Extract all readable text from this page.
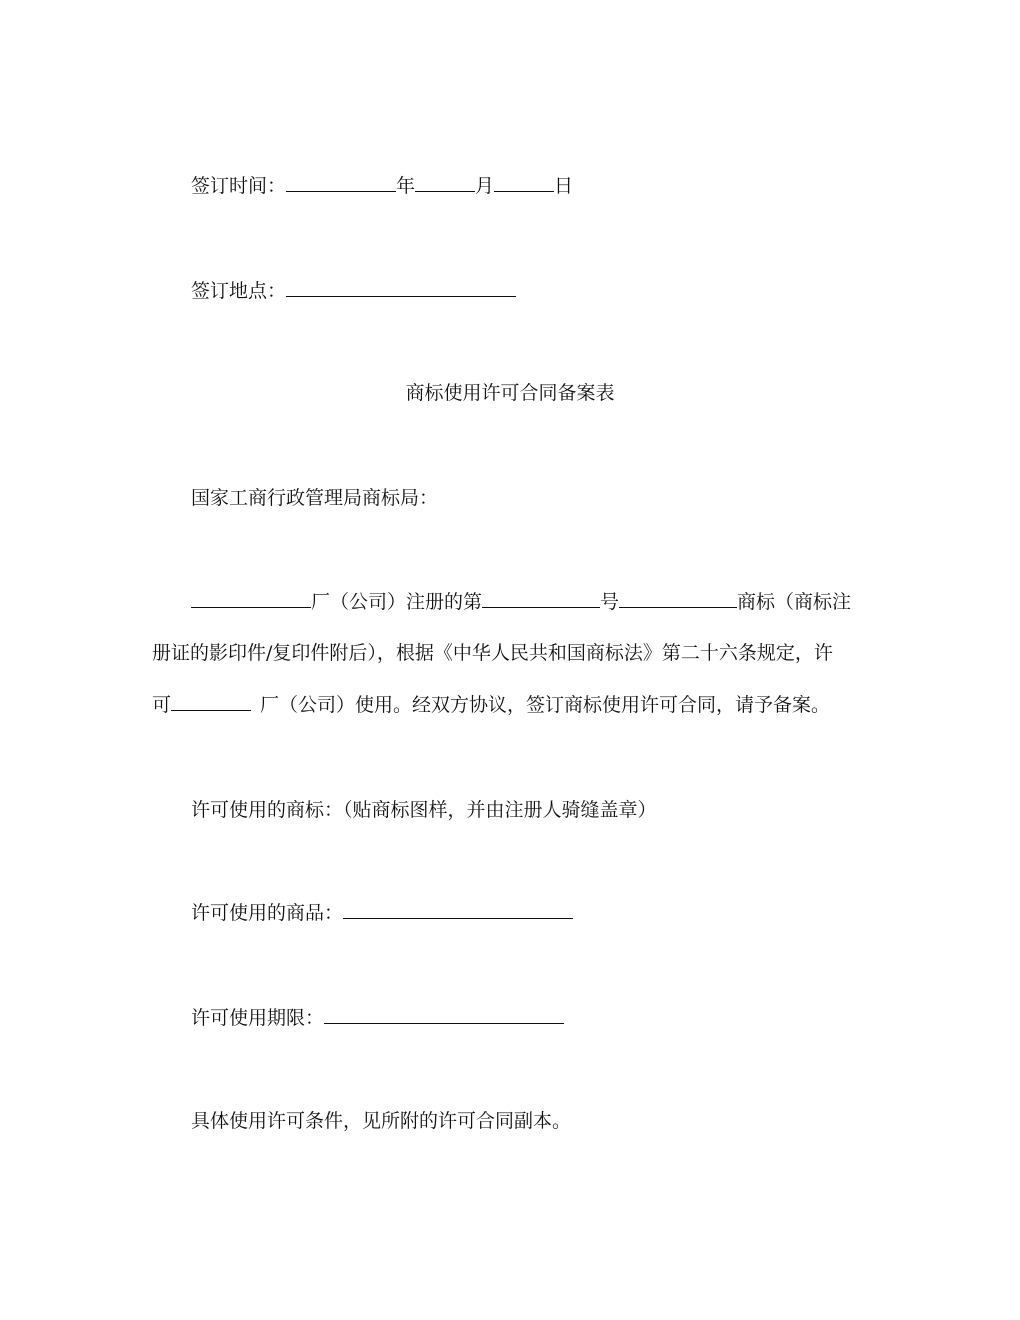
签订时间：	年	月	日
签订地点：
商标使用许可合同备案表
国家工商行政管理局商标局：
厂（公司）注册的第	号	商标（商标注
册证的影印件/复印件附后），根据《中华人民共和国商标法》第二十六条规定，许
可	厂（公司）使用。经双方协议，签订商标使用许可合同，请予备案。
许可使用的商标：（贴商标图样，并由注册人骑缝盖章）
许可使用的商品：
许可使用期限：
具体使用许可条件，见所附的许可合同副本。
